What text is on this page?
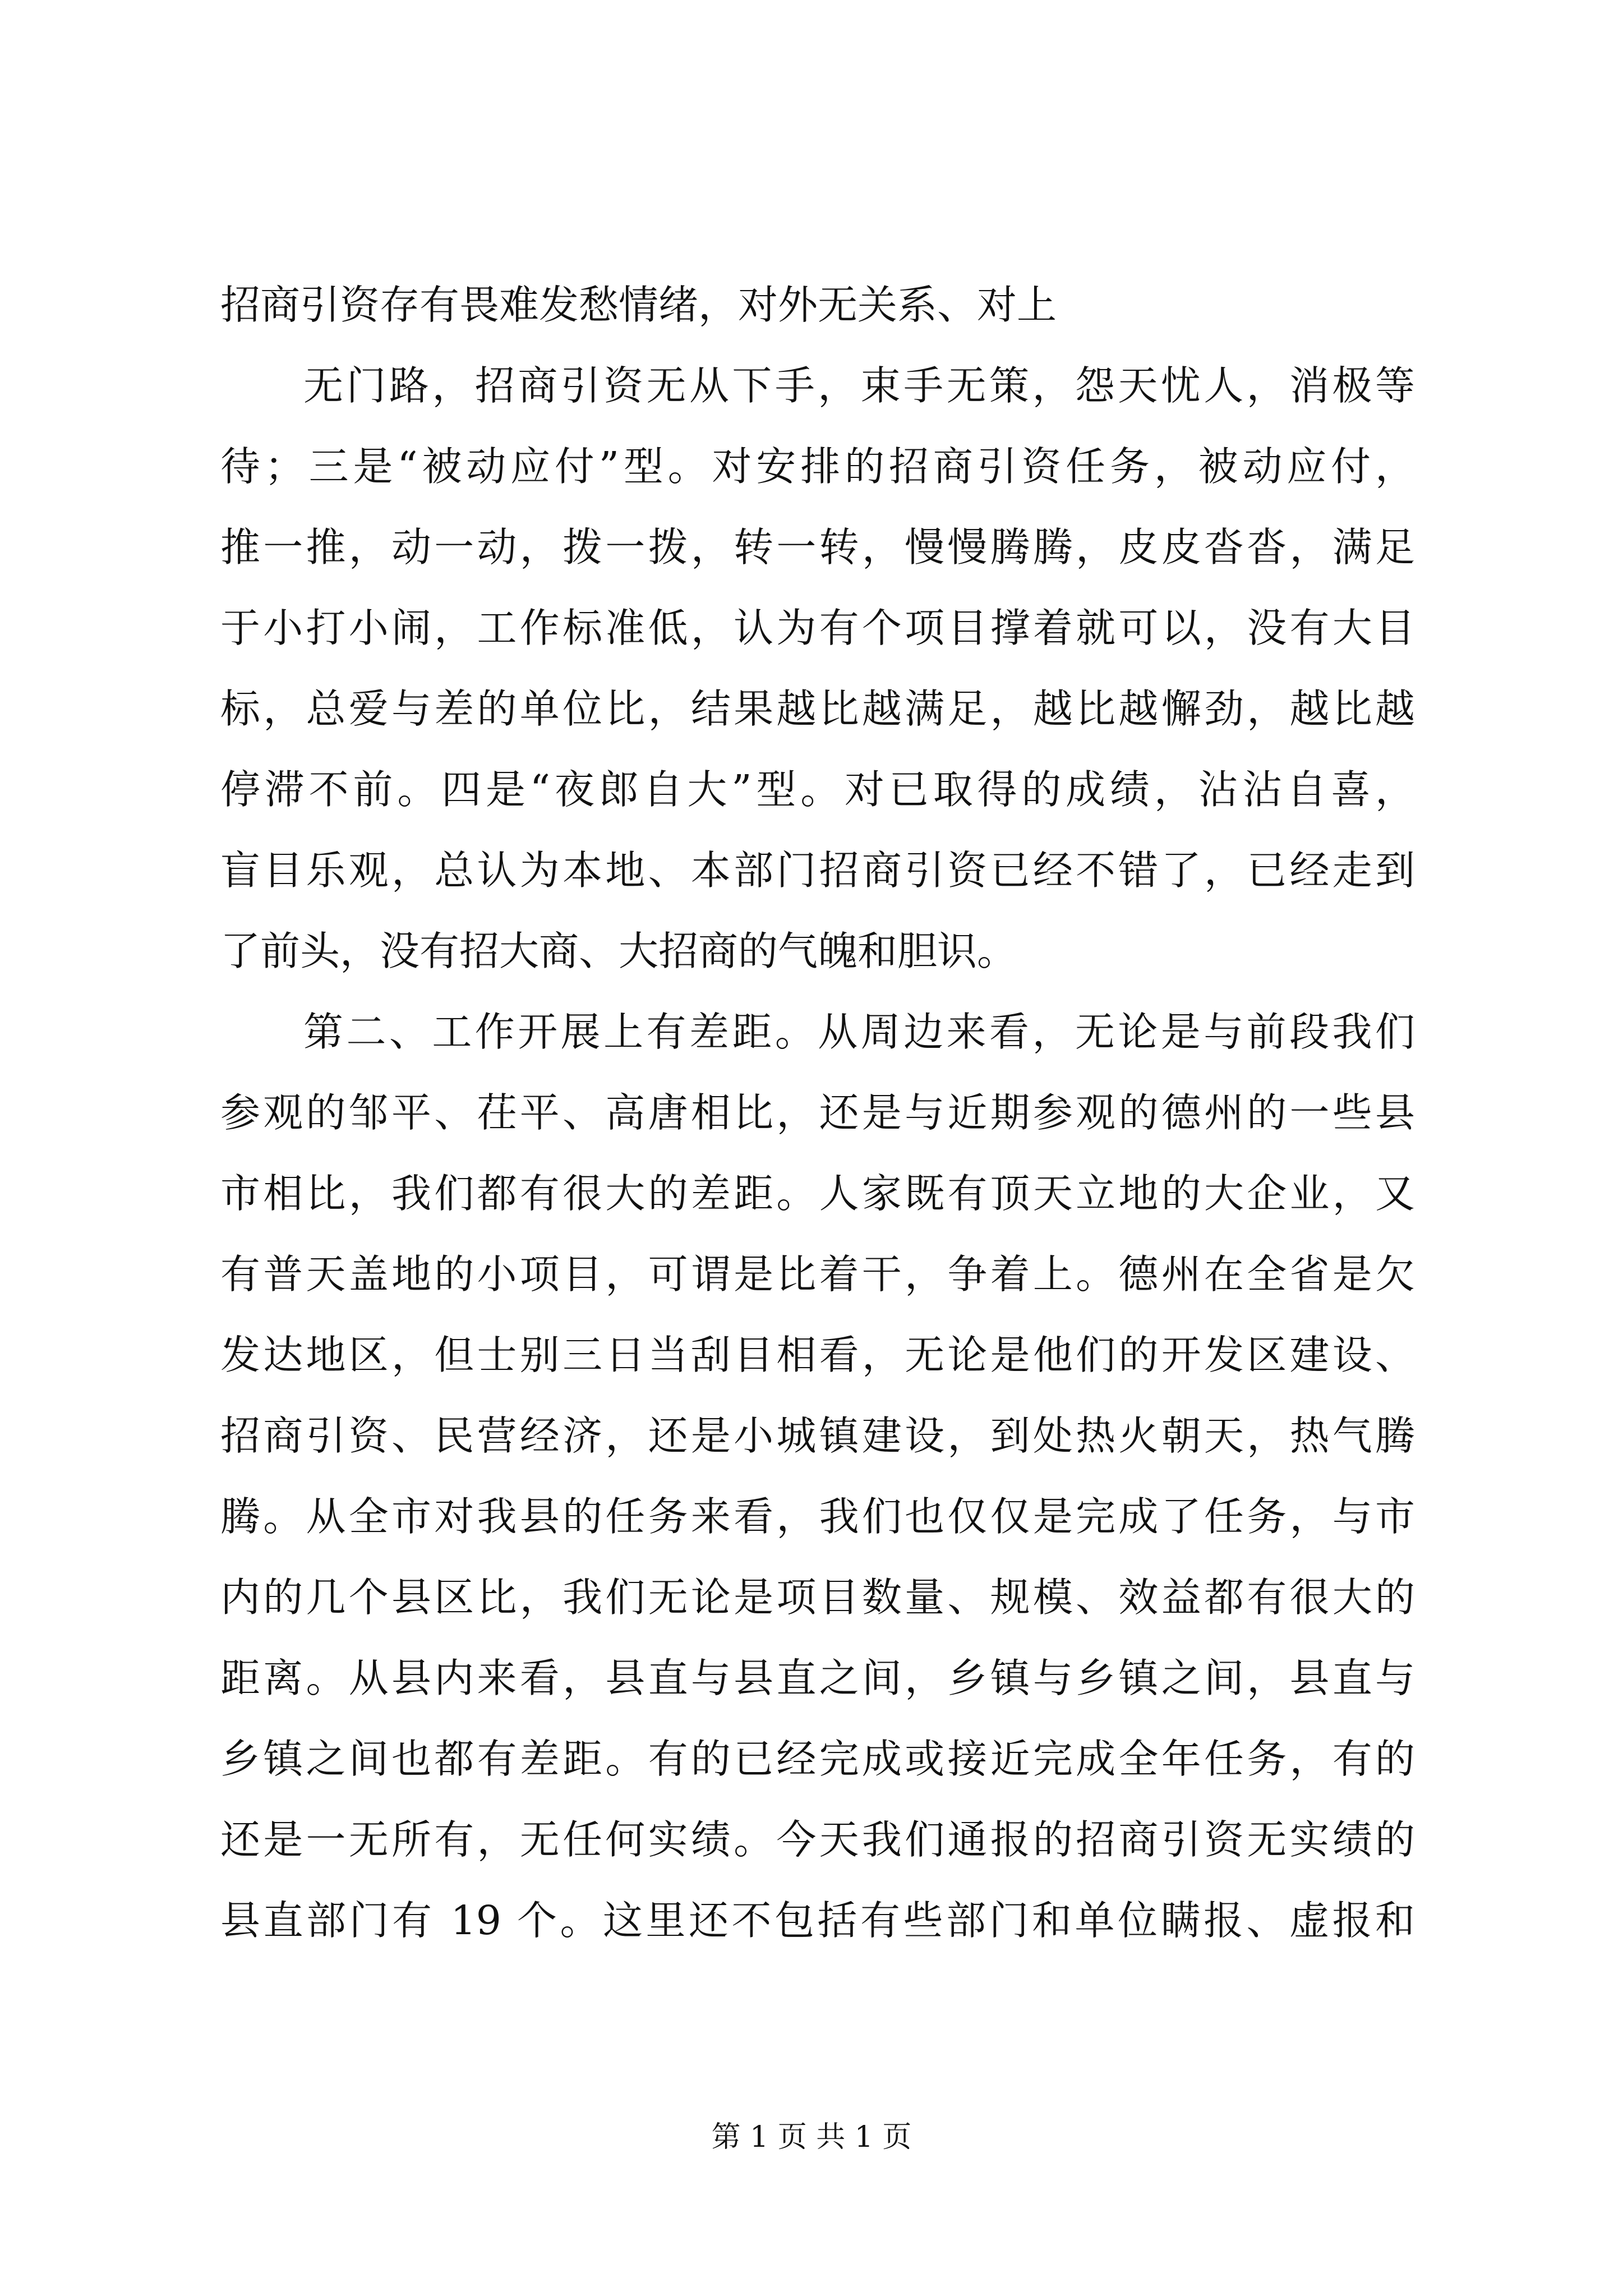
招商引资存有畏难发愁情绪，对外无关系、对上
无门路，招商引资无从下手，束手无策，怨天忧人，消极等
待；三是“被动应付”型。对安排的招商引资任务，被动应付，
推一推，动一动，拨一拨，转一转，慢慢腾腾，皮皮沓沓，满足
于小打小闹，工作标准低，认为有个项目撑着就可以，没有大目
标，总爱与差的单位比，结果越比越满足，越比越懈劲，越比越
停滞不前。四是“夜郎自大”型。对已取得的成绩，沾沾自喜，
盲目乐观，总认为本地、本部门招商引资已经不错了，已经走到
了前头，没有招大商、大招商的气魄和胆识。
第二、工作开展上有差距。从周边来看，无论是与前段我们
参观的邹平、茌平、高唐相比，还是与近期参观的德州的一些县
市相比，我们都有很大的差距。人家既有顶天立地的大企业，又
有普天盖地的小项目，可谓是比着干，争着上。德州在全省是欠
发达地区，但士别三日当刮目相看，无论是他们的开发区建设、
招商引资、民营经济，还是小城镇建设，到处热火朝天，热气腾
腾。从全市对我县的任务来看，我们也仅仅是完成了任务，与市
内的几个县区比，我们无论是项目数量、规模、效益都有很大的
距离。从县内来看，县直与县直之间，乡镇与乡镇之间，县直与
乡镇之间也都有差距。有的已经完成或接近完成全年任务，有的
还是一无所有，无任何实绩。今天我们通报的招商引资无实绩的
县直部门有 19 个。这里还不包括有些部门和单位瞒报、虚报和
第 1 页 共 1 页
